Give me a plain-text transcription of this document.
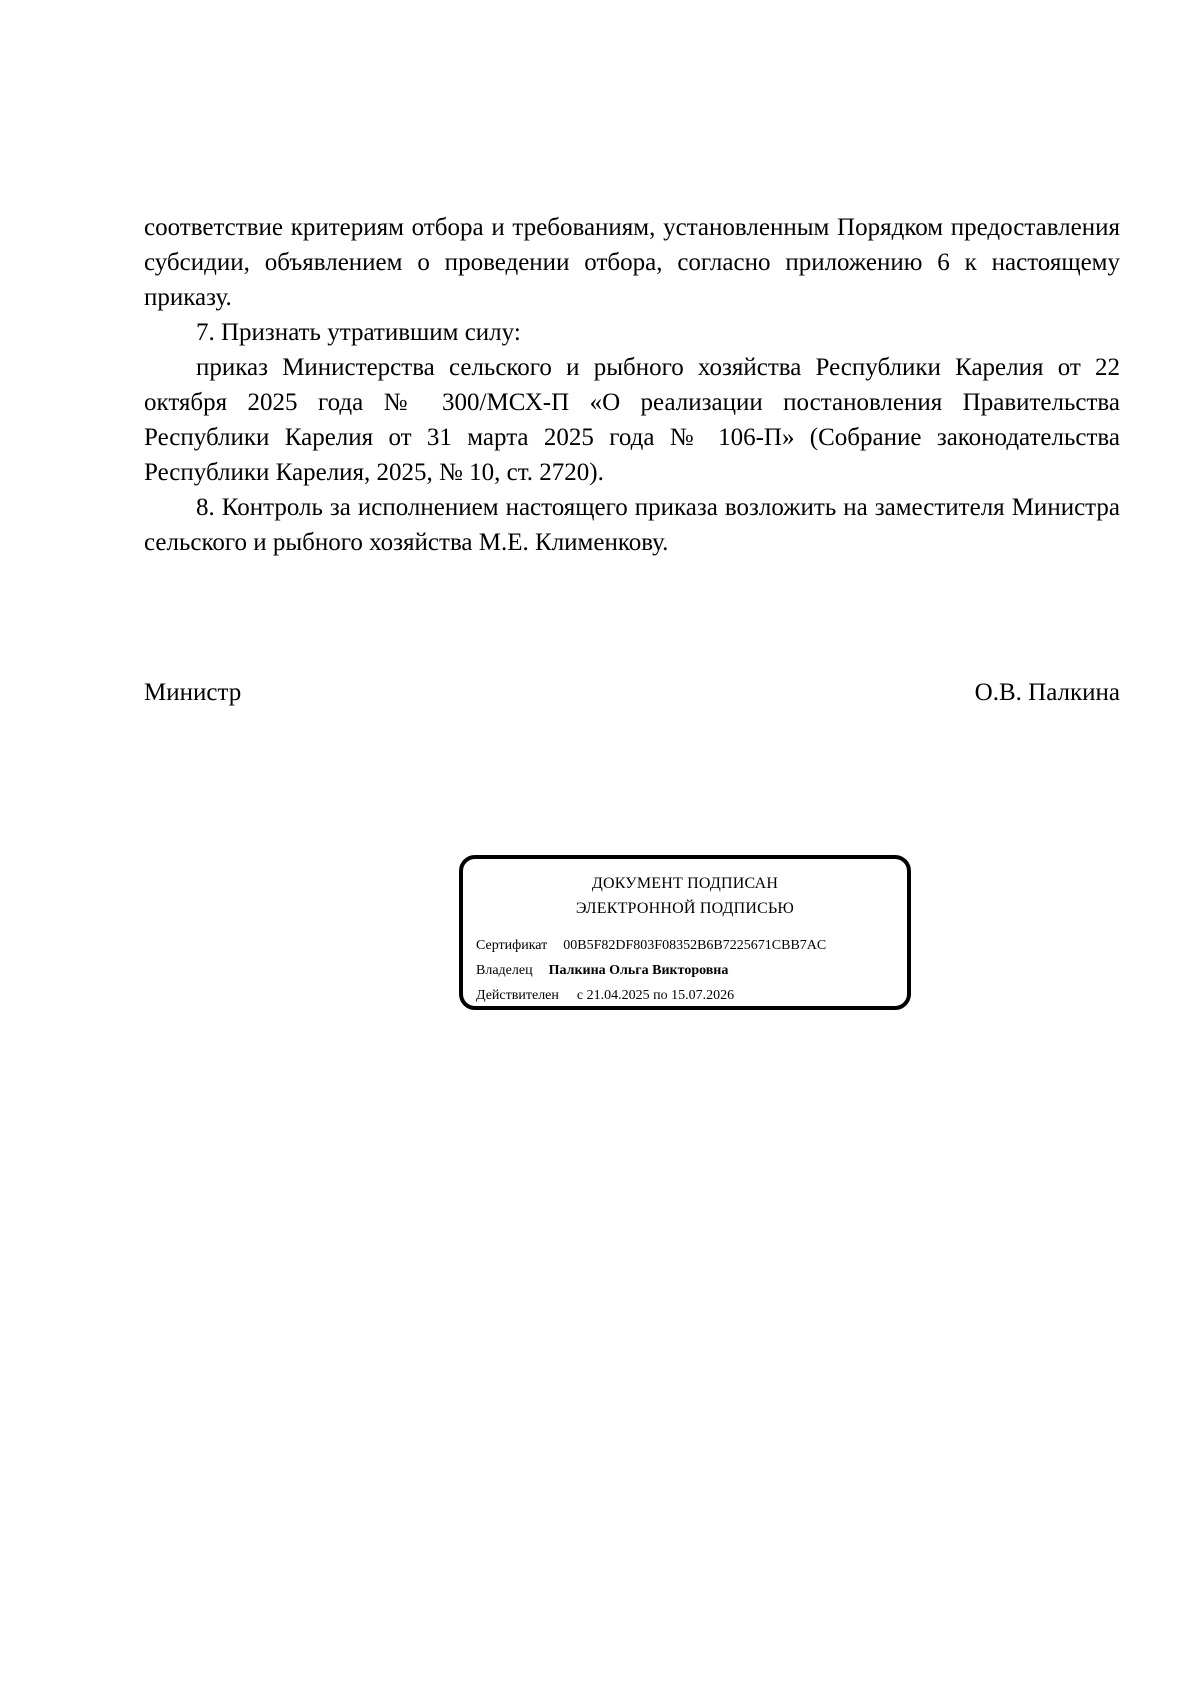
соответствие критериям отбора и требованиям, установленным Порядком предоставления субсидии, объявлением о проведении отбора, согласно приложению 6 к настоящему приказу.

7. Признать утратившим силу:

приказ Министерства сельского и рыбного хозяйства Республики Карелия от 22 октября 2025 года № 300/МСХ-П «О реализации постановления Правительства Республики Карелия от 31 марта 2025 года № 106-П» (Собрание законодательства Республики Карелия, 2025, № 10, ст. 2720).

8. Контроль за исполнением настоящего приказа возложить на заместителя Министра сельского и рыбного хозяйства М.Е. Клименкову.

Министр	О.В. Палкина
ДОКУМЕНТ ПОДПИСАН
ЭЛЕКТРОННОЙ ПОДПИСЬЮ
Сертификат 00B5F82DF803F08352B6B7225671CBB7AC
Владелец Палкина Ольга Викторовна
Действителен с 21.04.2025 по 15.07.2026
